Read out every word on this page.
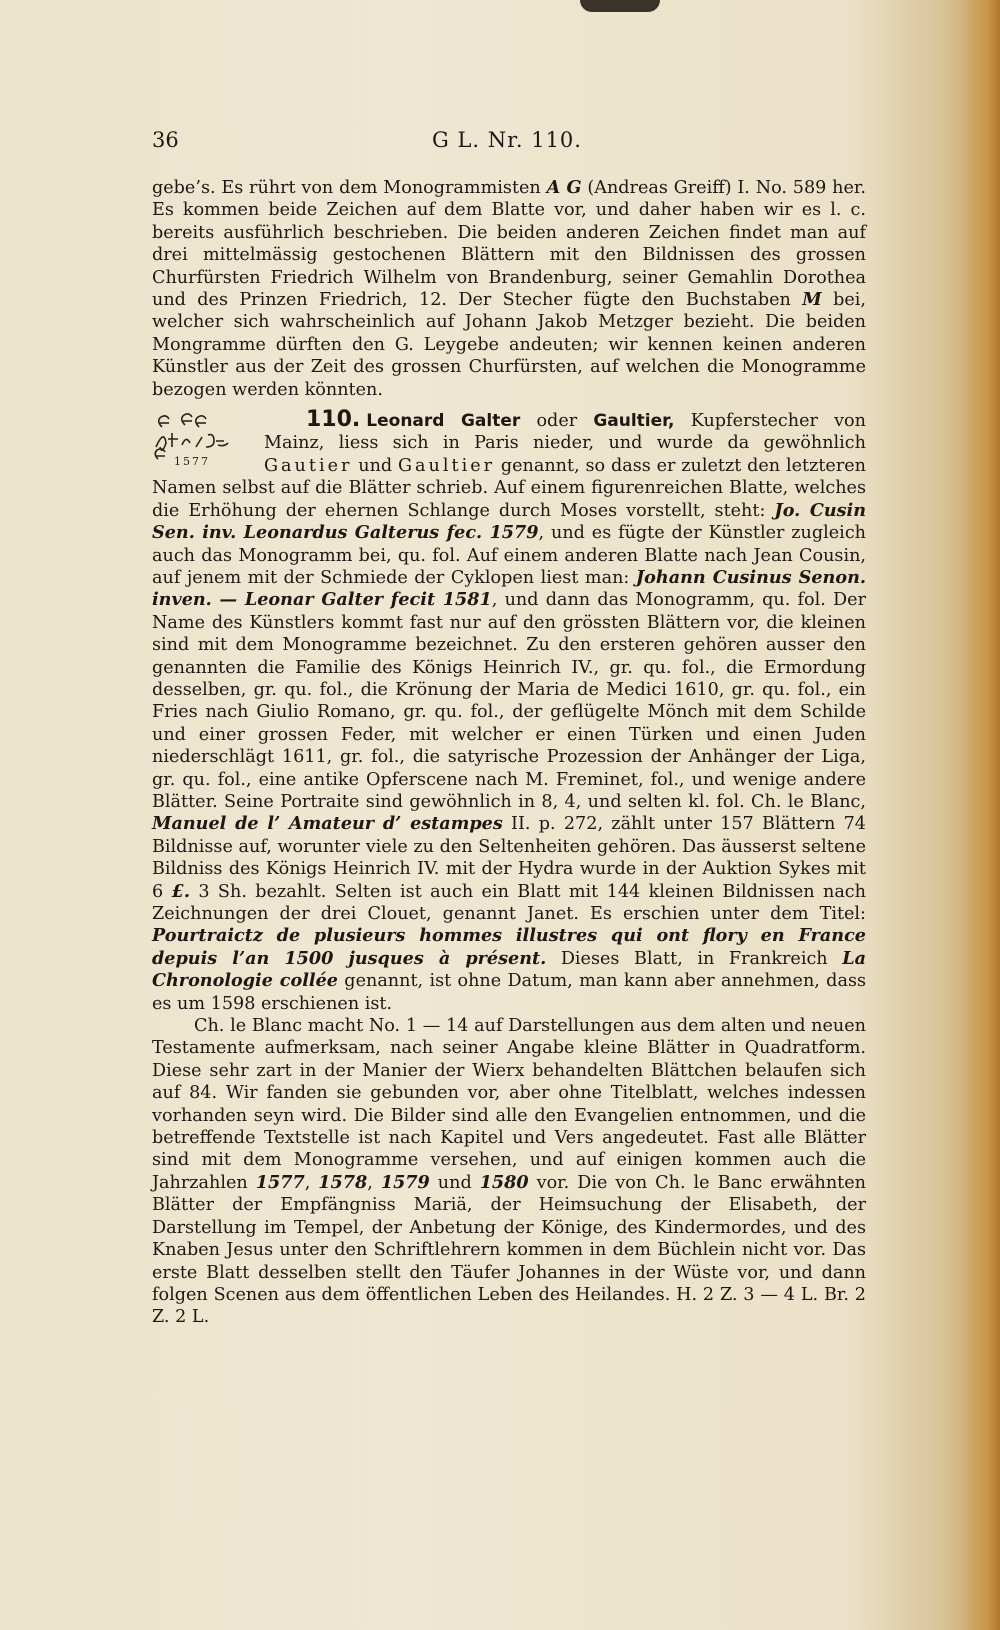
36	G L. Nr. 110.

gebe’s. Es rührt von dem Monogrammisten A G (Andreas Greiff) I. No. 589 her. Es kommen beide Zeichen auf dem Blatte vor, und daher haben wir es l. c. bereits ausführlich beschrieben. Die beiden anderen Zeichen findet man auf drei mittelmässig gestochenen Blättern mit den Bildnissen des grossen Churfürsten Friedrich Wilhelm von Brandenburg, seiner Gemahlin Dorothea und des Prinzen Friedrich, 12. Der Stecher fügte den Buchstaben M bei, welcher sich wahrscheinlich auf Johann Jakob Metzger bezieht. Die beiden Mongramme dürften den G. Leygebe andeuten; wir kennen keinen anderen Künstler aus der Zeit des grossen Churfürsten, auf welchen die Monogramme bezogen werden könnten.

110. Leonard Galter oder Gaultier,
1577
Kupferstecher von Mainz, liess sich in Paris nieder, und wurde da gewöhnlich Gautier und Gaultier genannt, so dass er zuletzt den letzteren Namen selbst auf die Blätter schrieb. Auf einem figurenreichen Blatte, welches die Erhöhung der ehernen Schlange durch Moses vorstellt, steht: Jo. Cusin Sen. inv. Leonardus Galterus fec. 1579, und es fügte der Künstler zugleich auch das Monogramm bei, qu. fol. Auf einem anderen Blatte nach Jean Cousin, auf jenem mit der Schmiede der Cyklopen liest man: Johann Cusinus Senon. inven. — Leonar Galter fecit 1581, und dann das Monogramm, qu. fol. Der Name des Künstlers kommt fast nur auf den grössten Blättern vor, die kleinen sind mit dem Monogramme bezeichnet. Zu den ersteren gehören ausser den genannten die Familie des Königs Heinrich IV., gr. qu. fol., die Ermordung desselben, gr. qu. fol., die Krönung der Maria de Medici 1610, gr. qu. fol., ein Fries nach Giulio Romano, gr. qu. fol., der geflügelte Mönch mit dem Schilde und einer grossen Feder, mit welcher er einen Türken und einen Juden niederschlägt 1611, gr. fol., die satyrische Prozession der Anhänger der Liga, gr. qu. fol., eine antike Opferscene nach M. Freminet, fol., und wenige andere Blätter. Seine Portraite sind gewöhnlich in 8, 4, und selten kl. fol. Ch. le Blanc, Manuel de l’ Amateur d’ estampes II. p. 272, zählt unter 157 Blättern 74 Bildnisse auf, worunter viele zu den Seltenheiten gehören. Das äusserst seltene Bildniss des Königs Heinrich IV. mit der Hydra wurde in der Auktion Sykes mit 6 £. 3 Sh. bezahlt. Selten ist auch ein Blatt mit 144 kleinen Bildnissen nach Zeichnungen der drei Clouet, genannt Janet. Es erschien unter dem Titel: Pourtraictz de plusieurs hommes illustres qui ont flory en France depuis l’an 1500 jusques à présent. Dieses Blatt, in Frankreich La Chronologie collée genannt, ist ohne Datum, man kann aber annehmen, dass es um 1598 erschienen ist.

Ch. le Blanc macht No. 1 — 14 auf Darstellungen aus dem alten und neuen Testamente aufmerksam, nach seiner Angabe kleine Blätter in Quadratform. Diese sehr zart in der Manier der Wierx behandelten Blättchen belaufen sich auf 84. Wir fanden sie gebunden vor, aber ohne Titelblatt, welches indessen vorhanden seyn wird. Die Bilder sind alle den Evangelien entnommen, und die betreffende Textstelle ist nach Kapitel und Vers angedeutet. Fast alle Blätter sind mit dem Monogramme versehen, und auf einigen kommen auch die Jahrzahlen 1577, 1578, 1579 und 1580 vor. Die von Ch. le Banc erwähnten Blätter der Empfängniss Mariä, der Heimsuchung der Elisabeth, der Darstellung im Tempel, der Anbetung der Könige, des Kindermordes, und des Knaben Jesus unter den Schriftlehrern kommen in dem Büchlein nicht vor. Das erste Blatt desselben stellt den Täufer Johannes in der Wüste vor, und dann folgen Scenen aus dem öffentlichen Leben des Heilandes. H. 2 Z. 3 — 4 L. Br. 2 Z. 2 L.
